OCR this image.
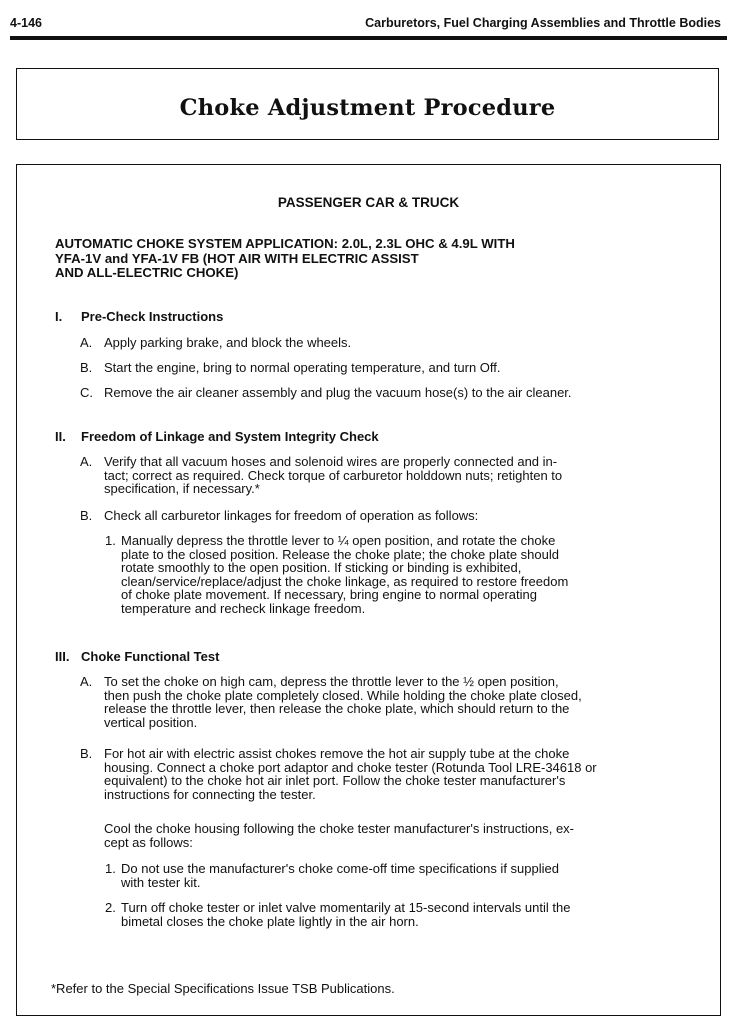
4-146	Carburetors, Fuel Charging Assemblies and Throttle Bodies
Choke Adjustment Procedure
PASSENGER CAR & TRUCK
AUTOMATIC CHOKE SYSTEM APPLICATION: 2.0L, 2.3L OHC & 4.9L WITH
YFA-1V and YFA-1V FB (HOT AIR WITH ELECTRIC ASSIST
AND ALL-ELECTRIC CHOKE)
I. Pre-Check Instructions
A. Apply parking brake, and block the wheels.
B. Start the engine, bring to normal operating temperature, and turn Off.
C. Remove the air cleaner assembly and plug the vacuum hose(s) to the air cleaner.
II. Freedom of Linkage and System Integrity Check
A. Verify that all vacuum hoses and solenoid wires are properly connected and in-
tact; correct as required. Check torque of carburetor holddown nuts; retighten to
specification, if necessary.*
B. Check all carburetor linkages for freedom of operation as follows:
1. Manually depress the throttle lever to ¼ open position, and rotate the choke
plate to the closed position. Release the choke plate; the choke plate should
rotate smoothly to the open position. If sticking or binding is exhibited,
clean/service/replace/adjust the choke linkage, as required to restore freedom
of choke plate movement. If necessary, bring engine to normal operating
temperature and recheck linkage freedom.
III. Choke Functional Test
A. To set the choke on high cam, depress the throttle lever to the ½ open position,
then push the choke plate completely closed. While holding the choke plate closed,
release the throttle lever, then release the choke plate, which should return to the
vertical position.
B. For hot air with electric assist chokes remove the hot air supply tube at the choke
housing. Connect a choke port adaptor and choke tester (Rotunda Tool LRE-34618 or
equivalent) to the choke hot air inlet port. Follow the choke tester manufacturer's
instructions for connecting the tester.
Cool the choke housing following the choke tester manufacturer's instructions, ex-
cept as follows:
1. Do not use the manufacturer's choke come-off time specifications if supplied
with tester kit.
2. Turn off choke tester or inlet valve momentarily at 15-second intervals until the
bimetal closes the choke plate lightly in the air horn.
*Refer to the Special Specifications Issue TSB Publications.
